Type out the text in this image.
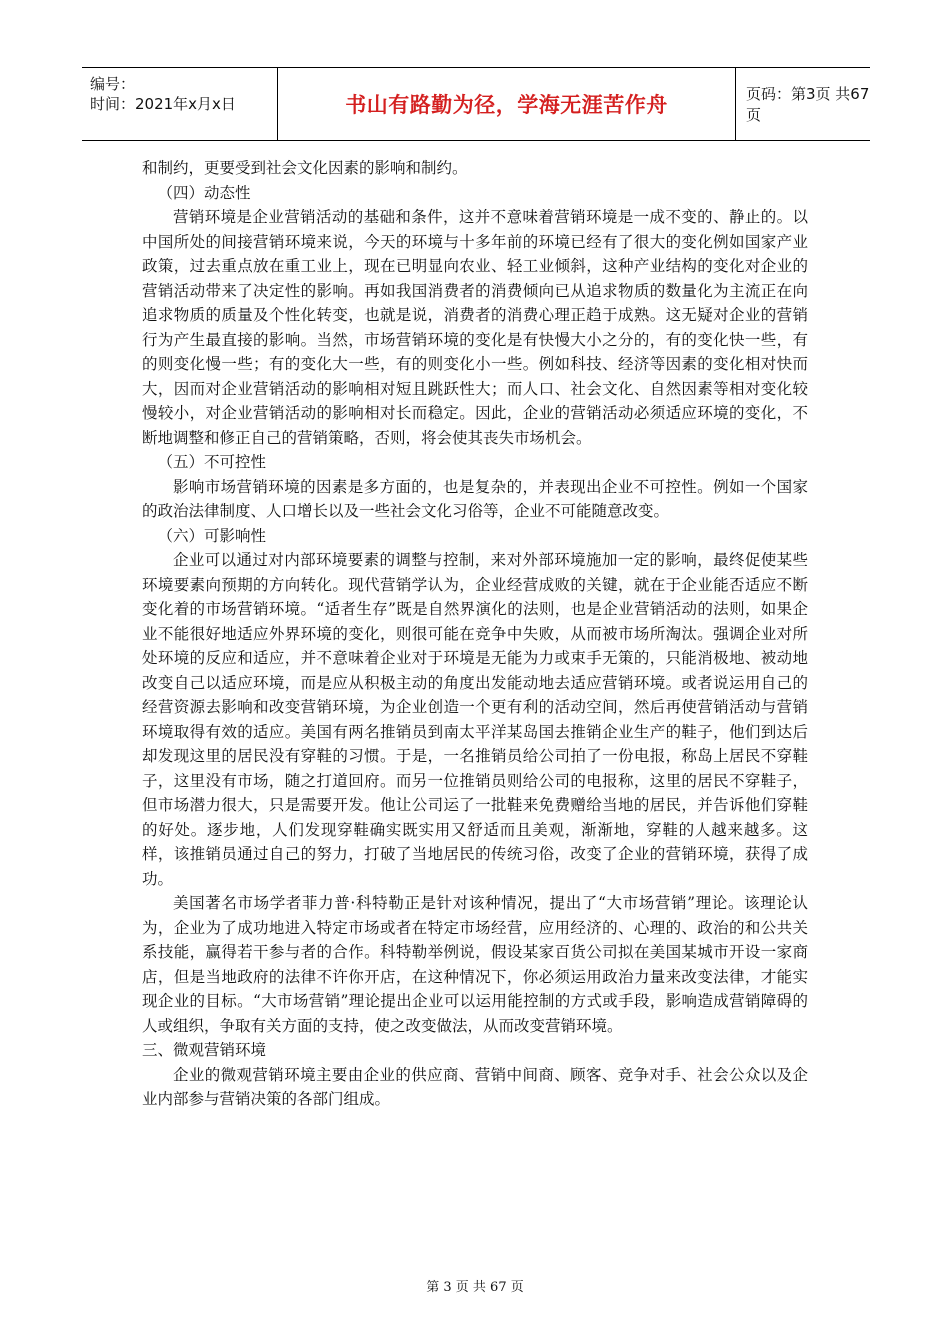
编号：
时间：2021年x月x日	书山有路勤为径，学海无涯苦作舟	页码：第3页 共67页

和制约，更要受到社会文化因素的影响和制约。

（四）动态性

营销环境是企业营销活动的基础和条件，这并不意味着营销环境是一成不变的、静止的。以中国所处的间接营销环境来说，今天的环境与十多年前的环境已经有了很大的变化例如国家产业政策，过去重点放在重工业上，现在已明显向农业、轻工业倾斜，这种产业结构的变化对企业的营销活动带来了决定性的影响。再如我国消费者的消费倾向已从追求物质的数量化为主流正在向追求物质的质量及个性化转变，也就是说，消费者的消费心理正趋于成熟。这无疑对企业的营销行为产生最直接的影响。当然，市场营销环境的变化是有快慢大小之分的，有的变化快一些，有的则变化慢一些；有的变化大一些，有的则变化小一些。例如科技、经济等因素的变化相对快而大，因而对企业营销活动的影响相对短且跳跃性大；而人口、社会文化、自然因素等相对变化较慢较小，对企业营销活动的影响相对长而稳定。因此，企业的营销活动必须适应环境的变化，不断地调整和修正自己的营销策略，否则，将会使其丧失市场机会。

（五）不可控性

影响市场营销环境的因素是多方面的，也是复杂的，并表现出企业不可控性。例如一个国家的政治法律制度、人口增长以及一些社会文化习俗等，企业不可能随意改变。

（六）可影响性

企业可以通过对内部环境要素的调整与控制，来对外部环境施加一定的影响，最终促使某些环境要素向预期的方向转化。现代营销学认为，企业经营成败的关键，就在于企业能否适应不断变化着的市场营销环境。“适者生存”既是自然界演化的法则，也是企业营销活动的法则，如果企业不能很好地适应外界环境的变化，则很可能在竞争中失败，从而被市场所淘汰。强调企业对所处环境的反应和适应，并不意味着企业对于环境是无能为力或束手无策的，只能消极地、被动地改变自己以适应环境，而是应从积极主动的角度出发能动地去适应营销环境。或者说运用自己的经营资源去影响和改变营销环境，为企业创造一个更有利的活动空间，然后再使营销活动与营销环境取得有效的适应。美国有两名推销员到南太平洋某岛国去推销企业生产的鞋子，他们到达后却发现这里的居民没有穿鞋的习惯。于是，一名推销员给公司拍了一份电报，称岛上居民不穿鞋子，这里没有市场，随之打道回府。而另一位推销员则给公司的电报称，这里的居民不穿鞋子，但市场潜力很大，只是需要开发。他让公司运了一批鞋来免费赠给当地的居民，并告诉他们穿鞋的好处。逐步地，人们发现穿鞋确实既实用又舒适而且美观，渐渐地，穿鞋的人越来越多。这样，该推销员通过自己的努力，打破了当地居民的传统习俗，改变了企业的营销环境，获得了成功。

美国著名市场学者菲力普·科特勒正是针对该种情况，提出了“大市场营销”理论。该理论认为，企业为了成功地进入特定市场或者在特定市场经营，应用经济的、心理的、政治的和公共关系技能，赢得若干参与者的合作。科特勒举例说，假设某家百货公司拟在美国某城市开设一家商店，但是当地政府的法律不许你开店，在这种情况下，你必须运用政治力量来改变法律，才能实现企业的目标。“大市场营销”理论提出企业可以运用能控制的方式或手段，影响造成营销障碍的人或组织，争取有关方面的支持，使之改变做法，从而改变营销环境。

三、微观营销环境

企业的微观营销环境主要由企业的供应商、营销中间商、顾客、竞争对手、社会公众以及企业内部参与营销决策的各部门组成。

第 3 页 共 67 页
